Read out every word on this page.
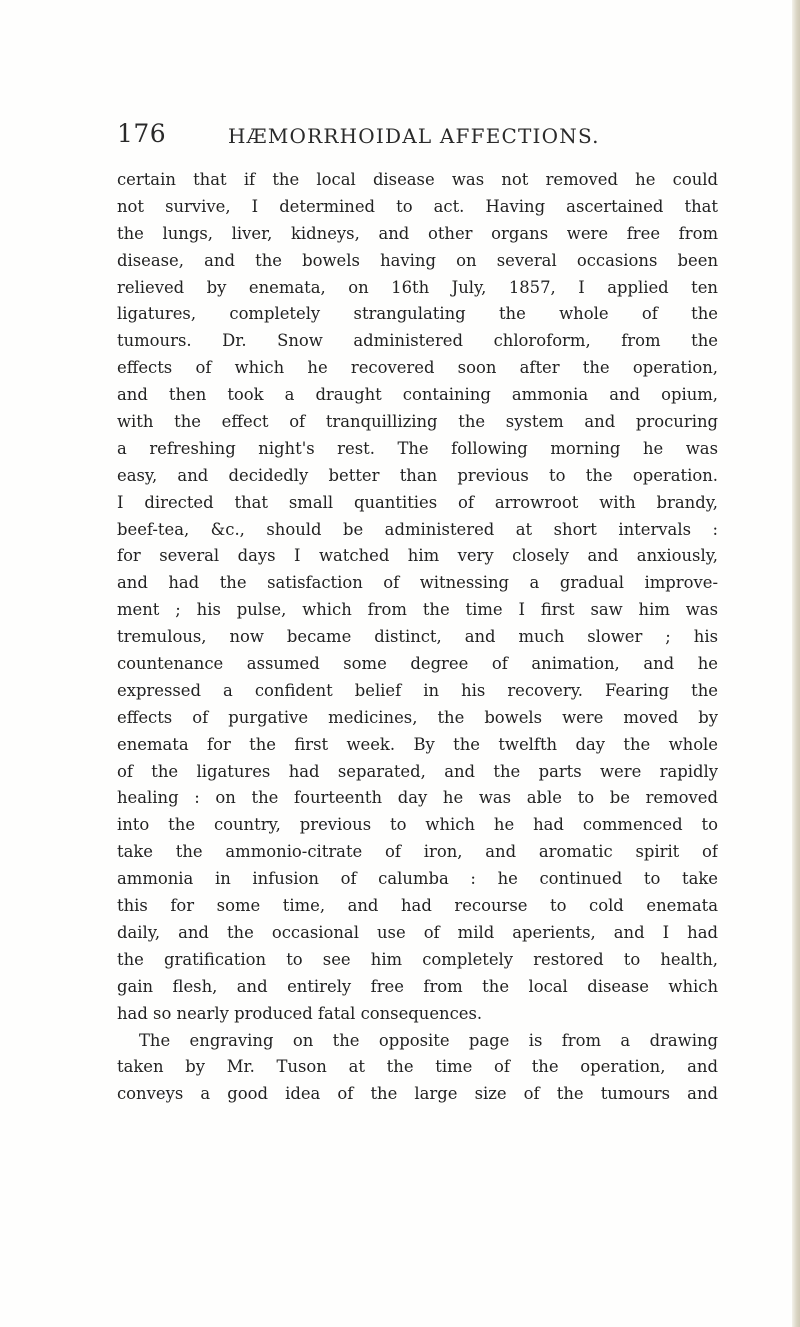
176	HÆMORRHOIDAL AFFECTIONS.
certain that if the local disease was not removed he could
not survive, I determined to act. Having ascertained that
the lungs, liver, kidneys, and other organs were free from
disease, and the bowels having on several occasions been
relieved by enemata, on 16th July, 1857, I applied ten
ligatures, completely strangulating the whole of the
tumours. Dr. Snow administered chloroform, from the
effects of which he recovered soon after the operation,
and then took a draught containing ammonia and opium,
with the effect of tranquillizing the system and procuring
a refreshing night's rest. The following morning he was
easy, and decidedly better than previous to the operation.
I directed that small quantities of arrowroot with brandy,
beef-tea, &c., should be administered at short intervals :
for several days I watched him very closely and anxiously,
and had the satisfaction of witnessing a gradual improve-
ment ; his pulse, which from the time I first saw him was
tremulous, now became distinct, and much slower ; his
countenance assumed some degree of animation, and he
expressed a confident belief in his recovery. Fearing the
effects of purgative medicines, the bowels were moved by
enemata for the first week. By the twelfth day the whole
of the ligatures had separated, and the parts were rapidly
healing : on the fourteenth day he was able to be removed
into the country, previous to which he had commenced to
take the ammonio-citrate of iron, and aromatic spirit of
ammonia in infusion of calumba : he continued to take
this for some time, and had recourse to cold enemata
daily, and the occasional use of mild aperients, and I had
the gratification to see him completely restored to health,
gain flesh, and entirely free from the local disease which
had so nearly produced fatal consequences.
The engraving on the opposite page is from a drawing
taken by Mr. Tuson at the time of the operation, and
conveys a good idea of the large size of the tumours and
